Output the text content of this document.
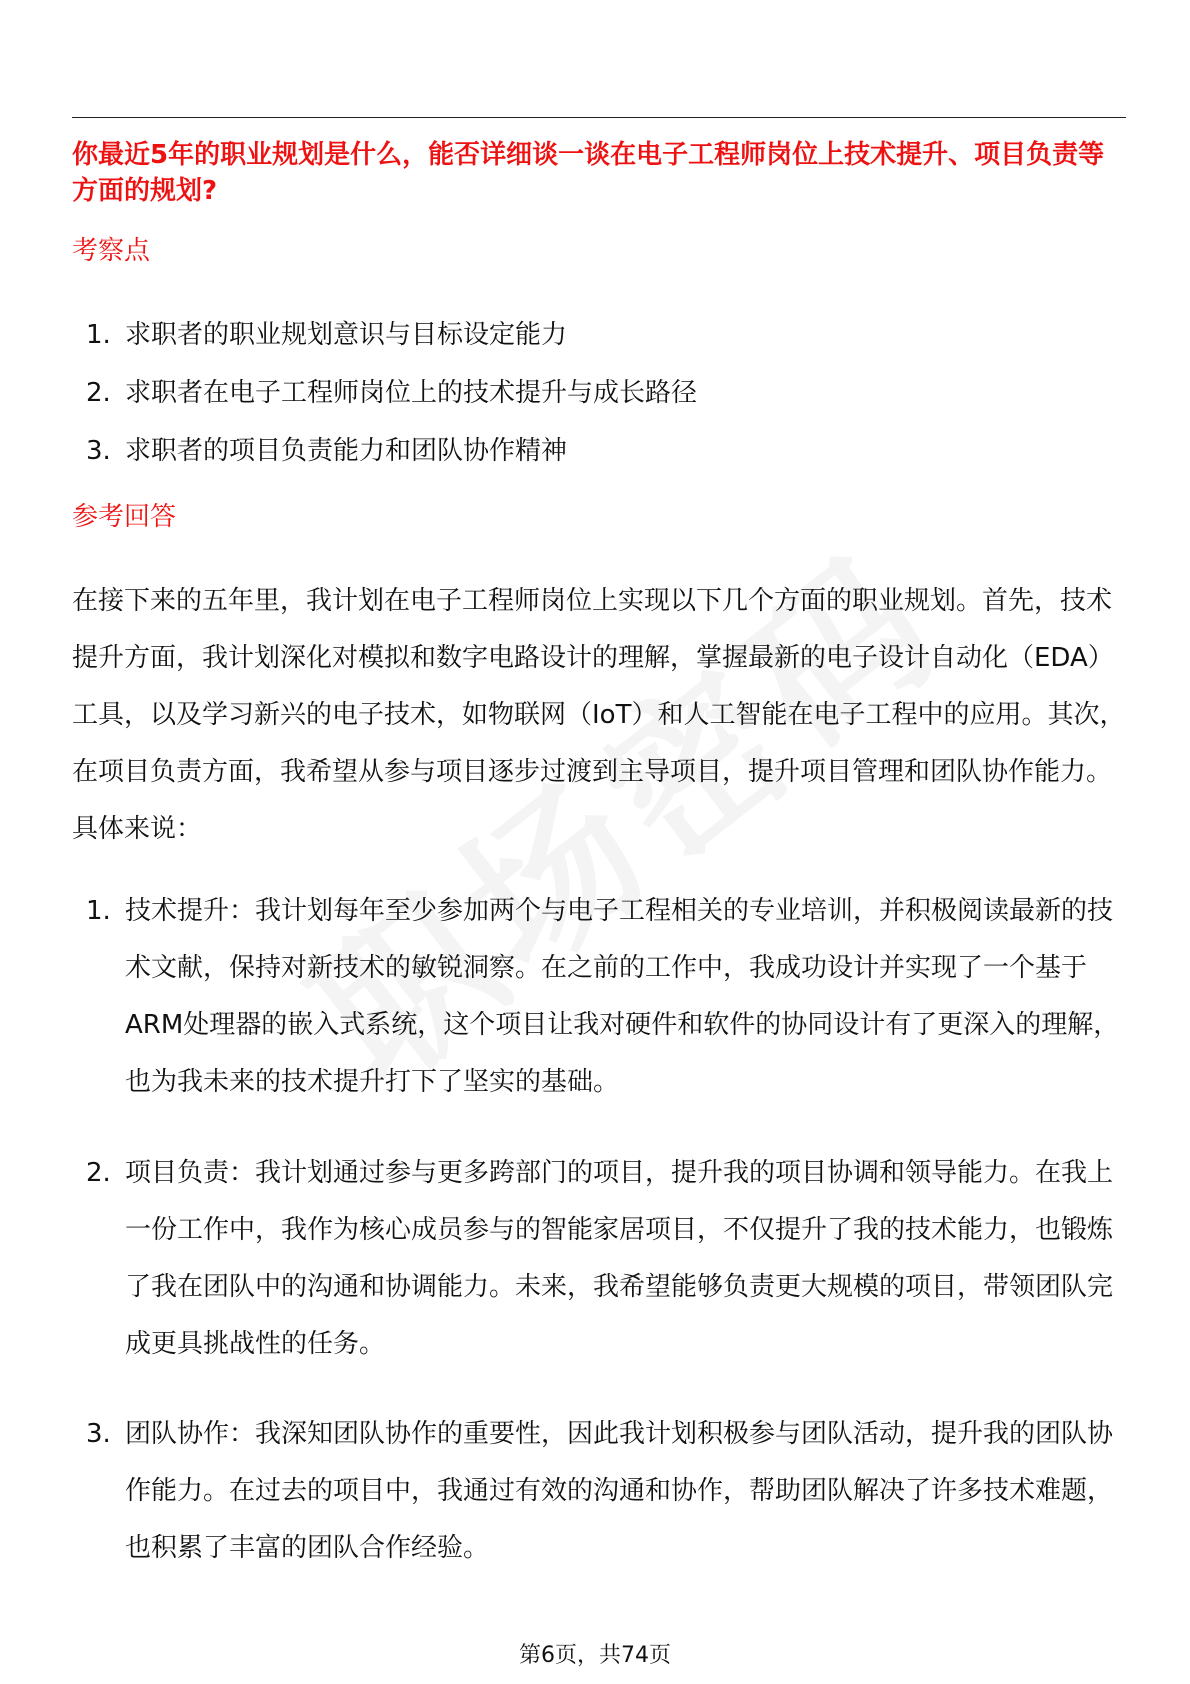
你最近5年的职业规划是什么，能否详细谈一谈在电子工程师岗位上技术提升、项目负责等方面的规划?

考察点
1. 求职者的职业规划意识与目标设定能力
2. 求职者在电子工程师岗位上的技术提升与成长路径
3. 求职者的项目负责能力和团队协作精神
参考回答

在接下来的五年里，我计划在电子工程师岗位上实现以下几个方面的职业规划。首先，技术提升方面，我计划深化对模拟和数字电路设计的理解，掌握最新的电子设计自动化（EDA）工具，以及学习新兴的电子技术，如物联网（IoT）和人工智能在电子工程中的应用。其次，在项目负责方面，我希望从参与项目逐步过渡到主导项目，提升项目管理和团队协作能力。具体来说：

1. 技术提升：我计划每年至少参加两个与电子工程相关的专业培训，并积极阅读最新的技术文献，保持对新技术的敏锐洞察。在之前的工作中，我成功设计并实现了一个基于ARM处理器的嵌入式系统，这个项目让我对硬件和软件的协同设计有了更深入的理解，也为我未来的技术提升打下了坚实的基础。
2. 项目负责：我计划通过参与更多跨部门的项目，提升我的项目协调和领导能力。在我上一份工作中，我作为核心成员参与的智能家居项目，不仅提升了我的技术能力，也锻炼了我在团队中的沟通和协调能力。未来，我希望能够负责更大规模的项目，带领团队完成更具挑战性的任务。
3. 团队协作：我深知团队协作的重要性，因此我计划积极参与团队活动，提升我的团队协作能力。在过去的项目中，我通过有效的沟通和协作，帮助团队解决了许多技术难题，也积累了丰富的团队合作经验。
第6页，共74页
